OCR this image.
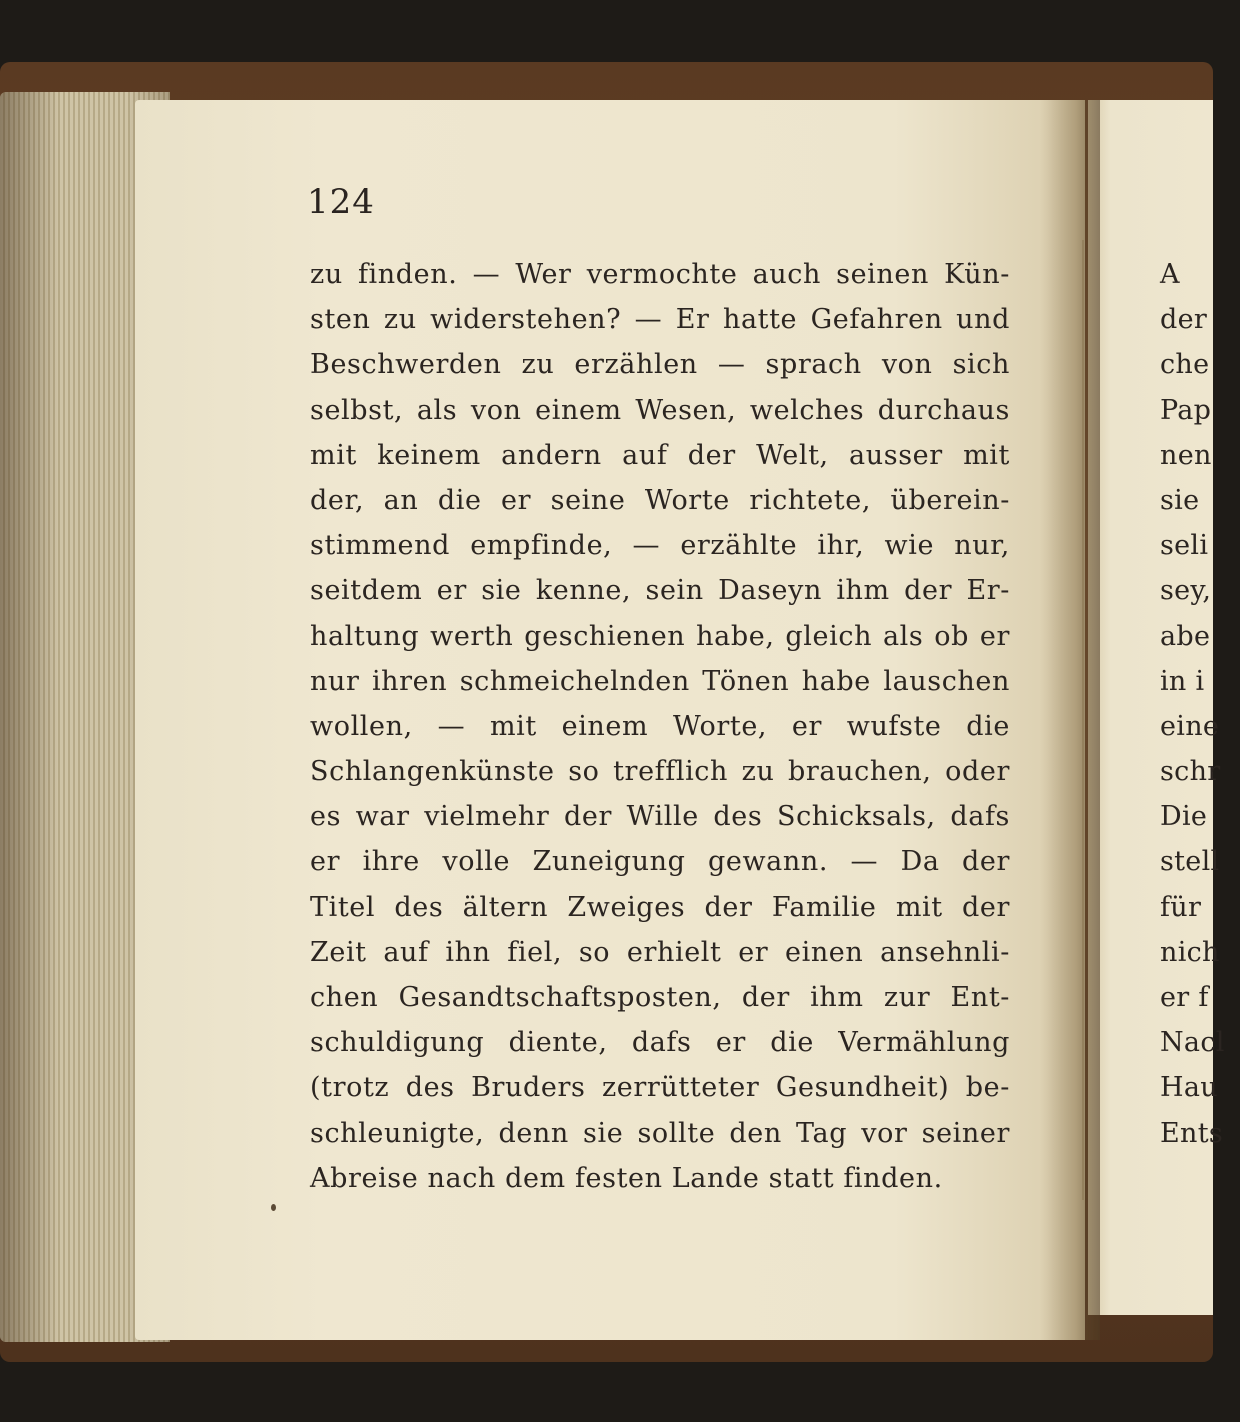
124
zu finden. — Wer vermochte auch seinen Kün-
sten zu widerstehen? — Er hatte Gefahren und
Beschwerden zu erzählen — sprach von sich
selbst, als von einem Wesen, welches durchaus
mit keinem andern auf der Welt, ausser mit
der, an die er seine Worte richtete, überein-
stimmend empfinde, — erzählte ihr, wie nur,
seitdem er sie kenne, sein Daseyn ihm der Er-
haltung werth geschienen habe, gleich als ob er
nur ihren schmeichelnden Tönen habe lauschen
wollen, — mit einem Worte, er wufste die
Schlangenkünste so trefflich zu brauchen, oder
es war vielmehr der Wille des Schicksals, dafs
er ihre volle Zuneigung gewann. — Da der
Titel des ältern Zweiges der Familie mit der
Zeit auf ihn fiel, so erhielt er einen ansehnli-
chen Gesandtschaftsposten, der ihm zur Ent-
schuldigung diente, dafs er die Vermählung
(trotz des Bruders zerrütteter Gesundheit) be-
schleunigte, denn sie sollte den Tag vor seiner
Abreise nach dem festen Lande statt finden.
A
der
che
Pap
nen
sie
seli
sey,
abe
in i
eine
schr
Die
stell
für
nich
er f
Nacl
Hau
Ents
